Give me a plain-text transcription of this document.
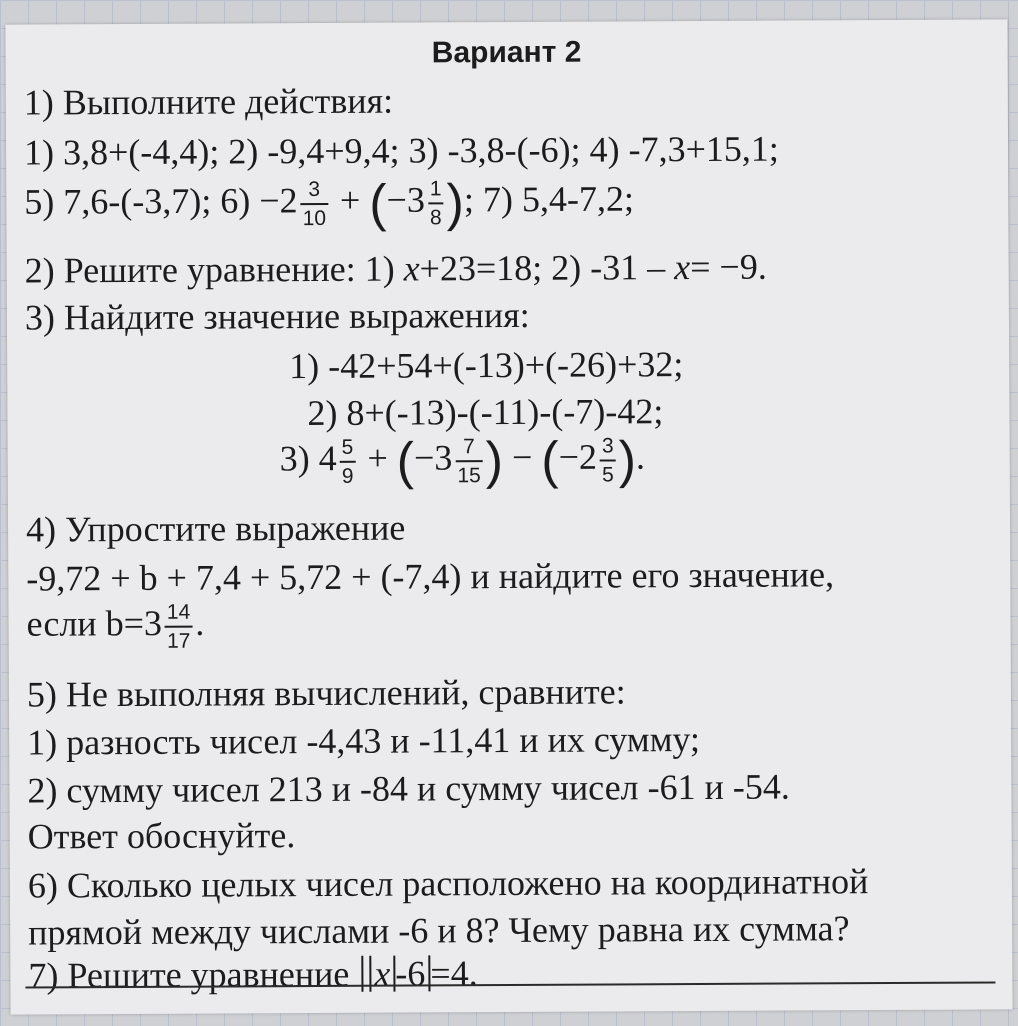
Вариант 2
1) Выполните действия:
1) 3,8+(-4,4); 2) -9,4+9,4; 3) -3,8-(-6); 4) -7,3+15,1;
5) 7,6-(-3,7); $6) -2 \frac{3}{10} + (-3 \frac{1}{8}$ ); 7) 5,4-7,2;
2) Решите уравнение: 1) x+23=18; 2) -31 – x= −9.
3) Найдите значение выражения:
1) -42+54+(-13)+(-26)+32;
2) 8+(-13)-(-11)-(-7)-42;
3) $4 \frac{5}{9} + (-3 \frac{7}{15}$ ) − ($-2 \frac{3}{5}$ ).
4) Упростите выражение
-9,72 + b + 7,4 + 5,72 + (-7,4) и найдите его значение,
если $b=3 \frac{14}{17}$ .
5) Не выполняя вычислений, сравните:
1) разность чисел -4,43 и -11,41 и их сумму;
2) сумму чисел 213 и -84 и сумму чисел -61 и -54.
Ответ обоснуйте.
6) Сколько целых чисел расположено на координатной
прямой между числами -6 и 8? Чему равна их сумма?
7) Решите уравнение x-6 =4.
